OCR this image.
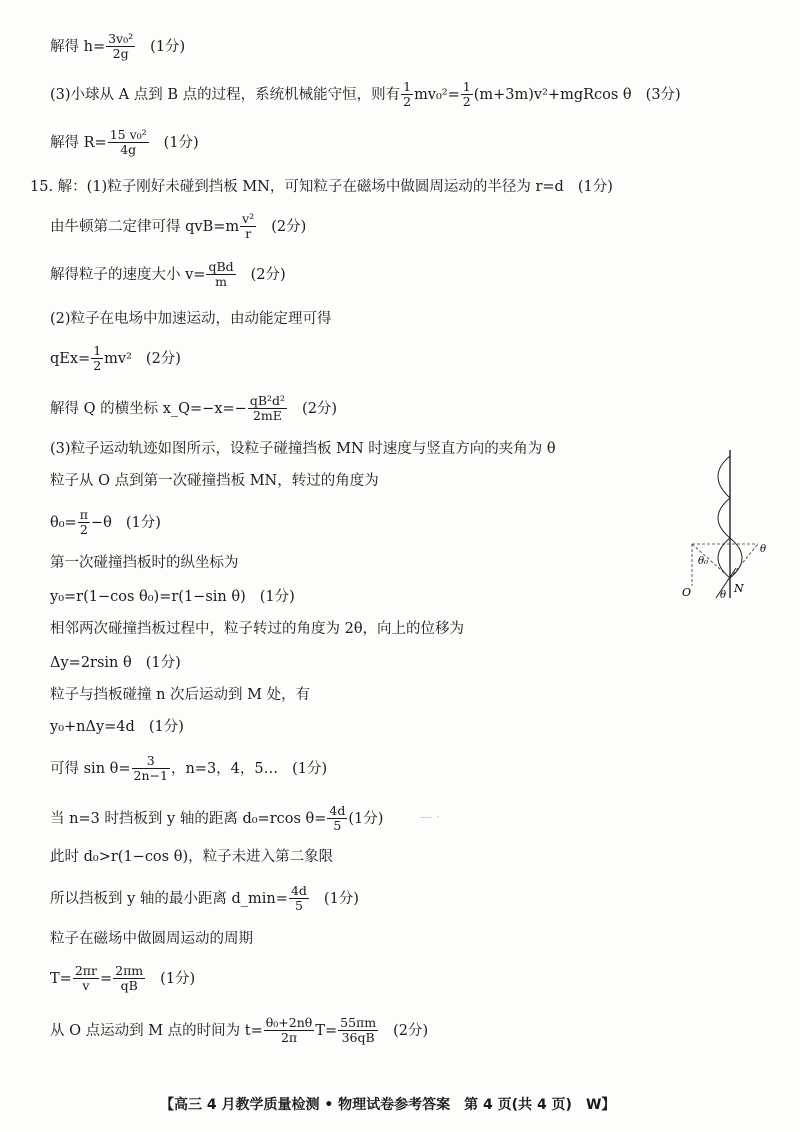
解得 $h= \frac{\text{3v₀²}}{2g} (1$分)
(3)小球从 A 点到 B 点的过程，系统机械能守恒，则有 $\frac{1}{2} mv_0^2= \frac{1}{2} (m+3m)v^2+mgRcos$ θ (3分)
解得 $R= \frac{\text{15 v₀²}}{4g} (1$分)
15. 解：(1)粒子刚好未碰到挡板 MN，可知粒子在磁场中做圆周运动的半径为 r=d (1分)
由牛顿第二定律可得 $qvB=m \frac{\text{v²}}{r} (2$分)
解得粒子的速度大小 $v= \frac{\text{qBd}}{m} (2$分)
(2)粒子在电场中加速运动，由动能定理可得
$qEx= \frac{1}{2} mv^2$ (2分)
解得 Q 的横坐标 x_Q=−x=− $\frac{\text{qB²d²}}{2mE} (2$分)
(3)粒子运动轨迹如图所示，设粒子碰撞挡板 MN 时速度与竖直方向的夹角为 θ
粒子从 O 点到第一次碰撞挡板 MN，转过的角度为
$\theta_0= \frac{\pi}{2} -\theta$ (1分)
第一次碰撞挡板时的纵坐标为
y₀=r(1−cos θ₀)=r(1−sin θ) (1分)
相邻两次碰撞挡板过程中，粒子转过的角度为 2θ，向上的位移为
Δy=2rsin θ (1分)
粒子与挡板碰撞 n 次后运动到 M 处，有
y₀+nΔy=4d (1分)
可得 $\sin \theta= \frac{3}{2n-1}$ ，n=3，4，5… (1分)
当 n=3 时挡板到 y 轴的距离 d₀=rcos $\theta= \frac{4d}{5} (1$分)
此时 d₀>r(1−cos θ)，粒子未进入第二象限
所以挡板到 y 轴的最小距离 d_min= $\frac{4d}{5} (1$分)
粒子在磁场中做圆周运动的周期
$T= \frac{2\pi r}{v} = \frac{2\pi m}{qB} (1$分)
从 O 点运动到 M 点的时间为 $t= \frac{\text{θ₀+2nθ}}{2\pi} T= \frac{55\pi m}{36qB} (2$分)
θ₀
θ
θ
O	N
— ·
【高三 4 月教学质量检测 • 物理试卷参考答案　第 4 页(共 4 页)　W】
